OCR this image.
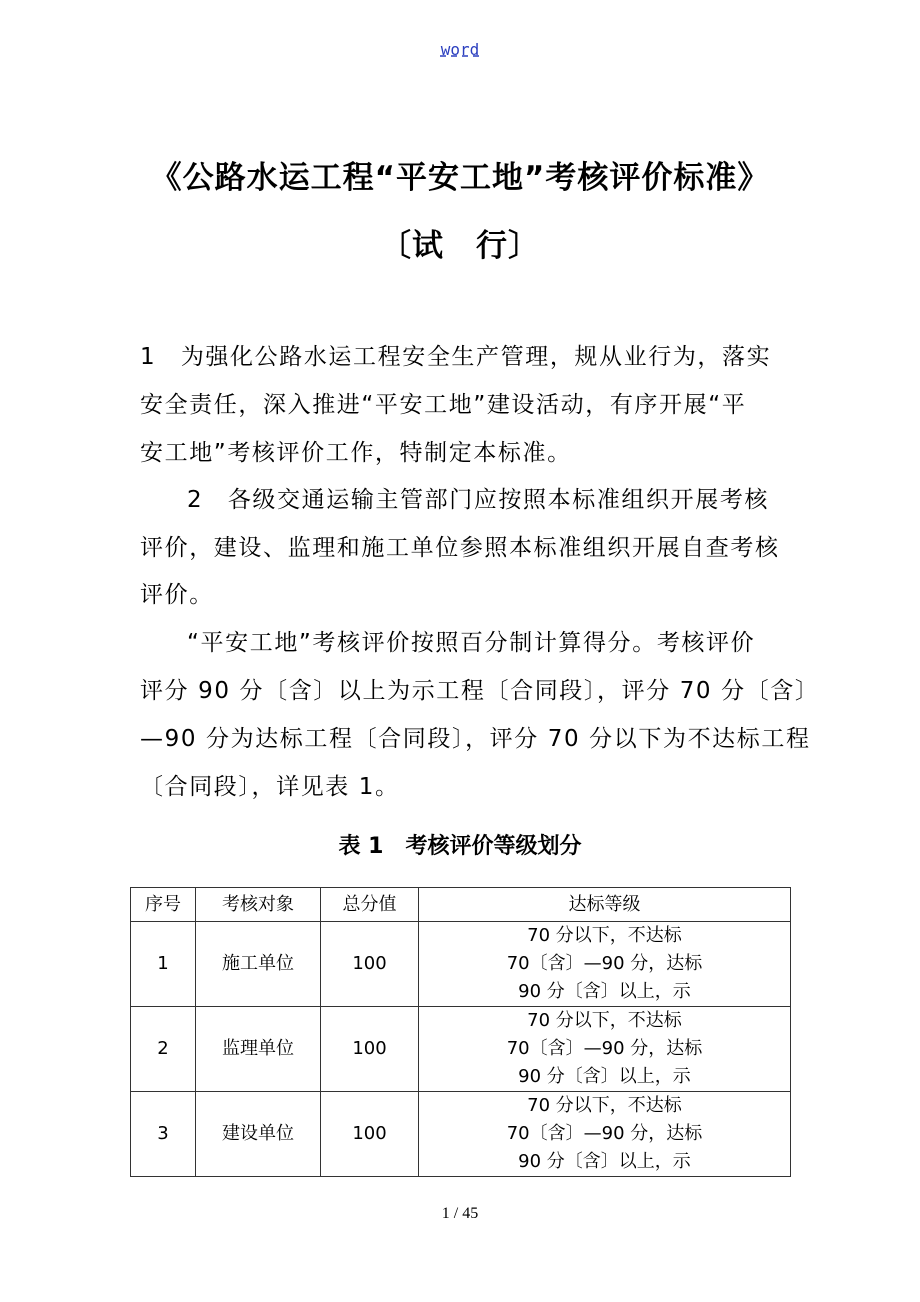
word
《公路水运工程“平安工地”考核评价标准》
〔试　行〕
1　为强化公路水运工程安全生产管理，规从业行为，落实
安全责任，深入推进“平安工地”建设活动，有序开展“平
安工地”考核评价工作，特制定本标准。
2　各级交通运输主管部门应按照本标准组织开展考核
评价，建设、监理和施工单位参照本标准组织开展自查考核
评价。
“平安工地”考核评价按照百分制计算得分。考核评价
评分 90 分〔含〕以上为示工程〔合同段〕，评分 70 分〔含〕
—90 分为达标工程〔合同段〕，评分 70 分以下为不达标工程
〔合同段〕，详见表 1。
表 1　考核评价等级划分
序号	考核对象	总分值	达标等级
1	施工单位	100	70 分以下，不达标
70〔含〕—90 分，达标
90 分〔含〕以上，示

2	监理单位	100	70 分以下，不达标
70〔含〕—90 分，达标
90 分〔含〕以上，示

3	建设单位	100	70 分以下，不达标
70〔含〕—90 分，达标
90 分〔含〕以上，示
1 / 45
